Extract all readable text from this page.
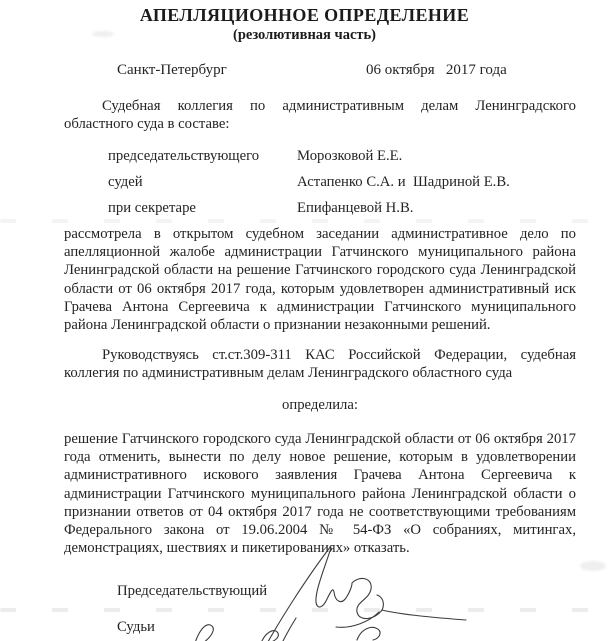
АПЕЛЛЯЦИОННОЕ ОПРЕДЕЛЕНИЕ
(резолютивная часть)
Санкт-Петербург	06 октября   2017 года

Судебная коллегия по административным делам Ленинградского областного суда в составе:

председательствующего	Морозковой Е.Е.
судей	Астапенко С.А. и  Шадриной Е.В.
при секретаре	Епифанцевой Н.В.

рассмотрела в открытом судебном заседании административное дело по апелляционной жалобе администрации Гатчинского муниципального района Ленинградской области на решение Гатчинского городского суда Ленинградской области от 06 октября 2017 года, которым удовлетворен административный иск Грачева Антона Сергеевича к администрации Гатчинского муниципального района Ленинградской области о признании незаконными решений.

Руководствуясь ст.ст.309-311 КАС Российской Федерации, судебная коллегия по административным делам Ленинградского областного суда

определила:

решение Гатчинского городского суда Ленинградской области от 06 октября 2017 года отменить, вынести по делу новое решение, которым в удовлетворении административного искового заявления Грачева Антона Сергеевича к администрации Гатчинского муниципального района Ленинградской области о признании ответов от 04 октября 2017 года не соответствующими требованиям Федерального закона от 19.06.2004 № 54-ФЗ «О собраниях, митингах, демонстрациях, шествиях и пикетированиях» отказать.

Председательствующий
Судьи
